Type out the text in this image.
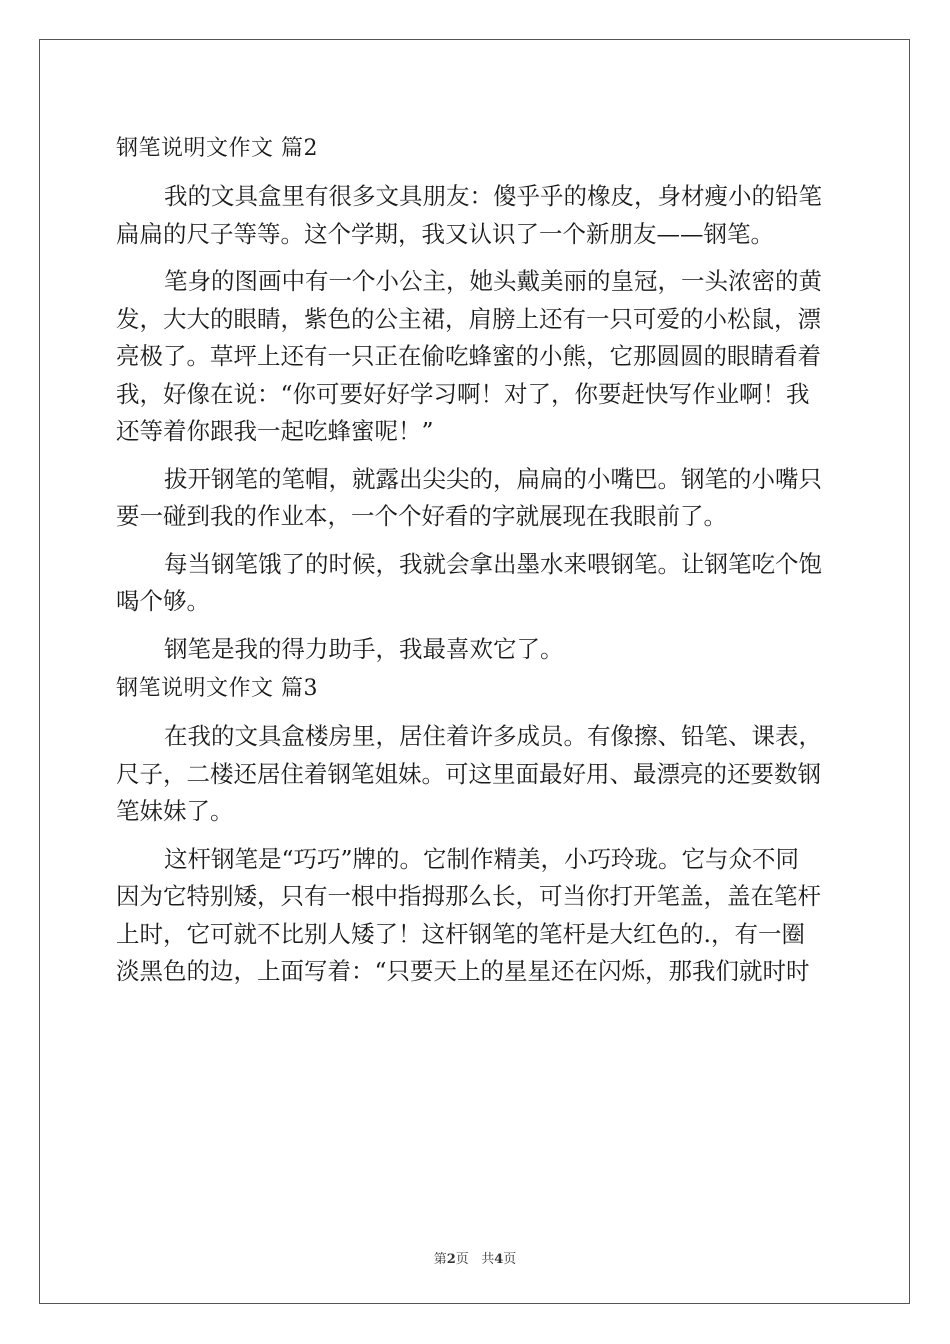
钢笔说明文作文 篇2
我的文具盒里有很多文具朋友：傻乎乎的橡皮，身材瘦小的铅笔
扁扁的尺子等等。这个学期，我又认识了一个新朋友——钢笔。
笔身的图画中有一个小公主，她头戴美丽的皇冠，一头浓密的黄
发，大大的眼睛，紫色的公主裙，肩膀上还有一只可爱的小松鼠，漂
亮极了。草坪上还有一只正在偷吃蜂蜜的小熊，它那圆圆的眼睛看着
我，好像在说：“你可要好好学习啊！对了，你要赶快写作业啊！我
还等着你跟我一起吃蜂蜜呢！”
拔开钢笔的笔帽，就露出尖尖的，扁扁的小嘴巴。钢笔的小嘴只
要一碰到我的作业本，一个个好看的字就展现在我眼前了。
每当钢笔饿了的时候，我就会拿出墨水来喂钢笔。让钢笔吃个饱
喝个够。
钢笔是我的得力助手，我最喜欢它了。
钢笔说明文作文 篇3
在我的文具盒楼房里，居住着许多成员。有像擦、铅笔、课表，
尺子，二楼还居住着钢笔姐妹。可这里面最好用、最漂亮的还要数钢
笔妹妹了。
这杆钢笔是“巧巧”牌的。它制作精美，小巧玲珑。它与众不同
因为它特别矮，只有一根中指拇那么长，可当你打开笔盖，盖在笔杆
上时，它可就不比别人矮了！这杆钢笔的笔杆是大红色的.，有一圈
淡黑色的边，上面写着：“只要天上的星星还在闪烁，那我们就时时
第2页 共4页
